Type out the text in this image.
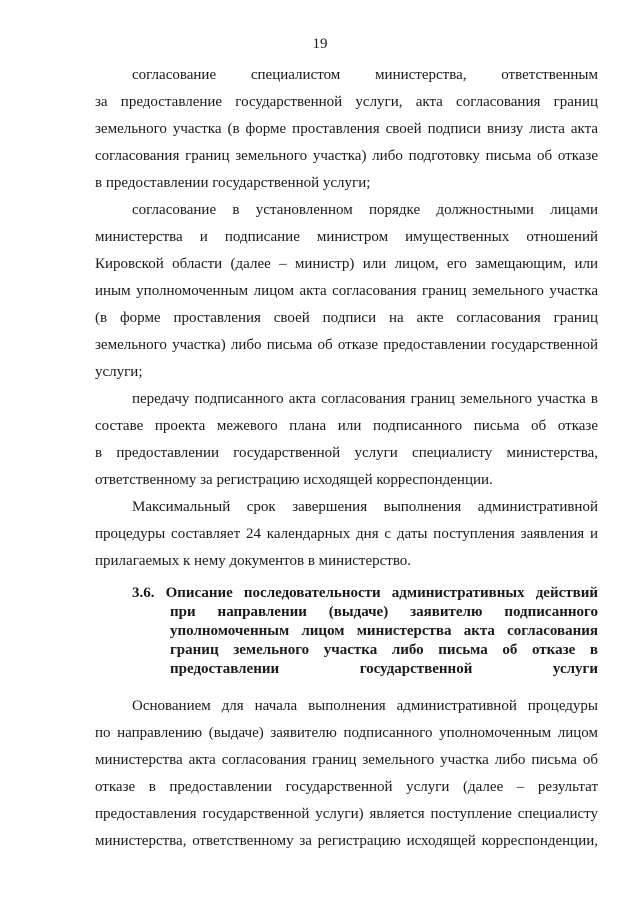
19
согласование специалистом министерства, ответственным
за предоставление государственной услуги, акта согласования границ
земельного участка (в форме проставления своей подписи внизу листа акта
согласования границ земельного участка) либо подготовку письма об отказе
в предоставлении государственной услуги;
согласование в установленном порядке должностными лицами
министерства и подписание министром имущественных отношений
Кировской области (далее – министр) или лицом, его замещающим, или
иным уполномоченным лицом акта согласования границ земельного участка
(в форме проставления своей подписи на акте согласования границ
земельного участка) либо письма об отказе предоставлении государственной
услуги;
передачу подписанного акта согласования границ земельного участка в
составе проекта межевого плана или подписанного письма об отказе
в предоставлении государственной услуги специалисту министерства,
ответственному за регистрацию исходящей корреспонденции.
Максимальный срок завершения выполнения административной
процедуры составляет 24 календарных дня с даты поступления заявления и
прилагаемых к нему документов в министерство.
3.6. Описание последовательности административных действий
при направлении (выдаче) заявителю подписанного
уполномоченным лицом министерства акта согласования
границ земельного участка либо письма об отказе в
предоставлении государственной услуги
Основанием для начала выполнения административной процедуры
по направлению (выдаче) заявителю подписанного уполномоченным лицом
министерства акта согласования границ земельного участка либо письма об
отказе в предоставлении государственной услуги (далее – результат
предоставления государственной услуги) является поступление специалисту
министерства, ответственному за регистрацию исходящей корреспонденции,
